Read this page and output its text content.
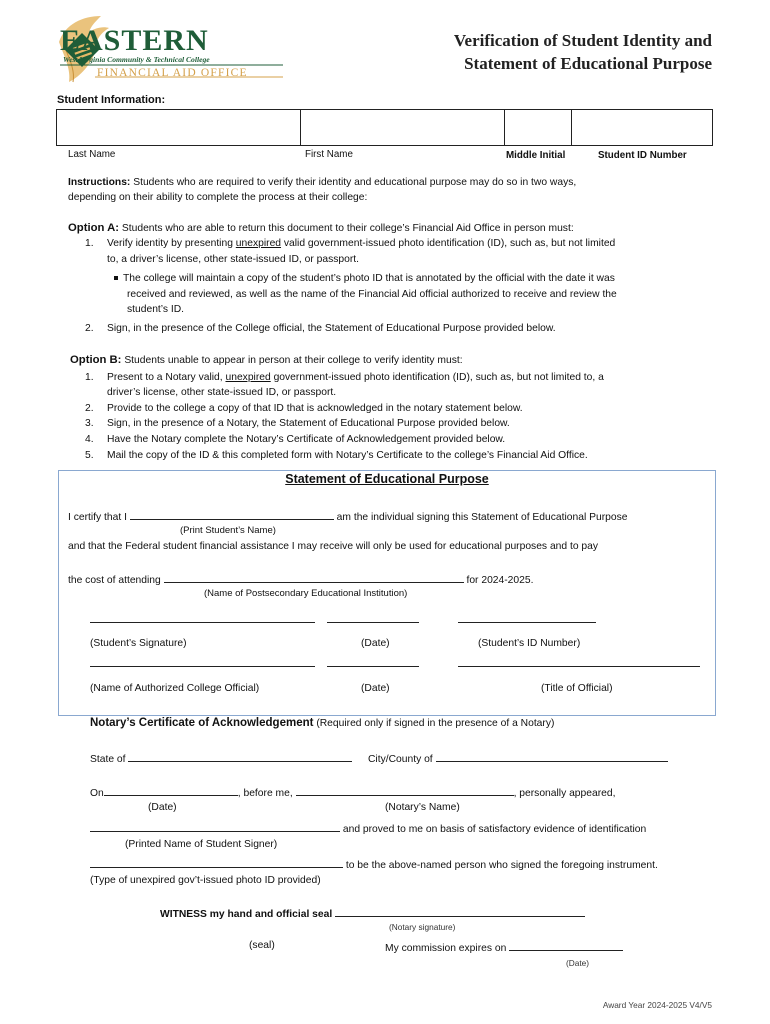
EASTERN
West Virginia Community & Technical College
FINANCIAL AID OFFICE
Verification of Student Identity and
Statement of Educational Purpose
Student Information:
Last Name	First Name	Middle Initial	Student ID Number
Instructions: Students who are required to verify their identity and educational purpose may do so in two ways,
depending on their ability to complete the process at their college:
Option A: Students who are able to return this document to their college’s Financial Aid Office in person must:
1. Verify identity by presenting unexpired valid government-issued photo identification (ID), such as, but not limited
to, a driver’s license, other state-issued ID, or passport.
The college will maintain a copy of the student’s photo ID that is annotated by the official with the date it was
received and reviewed, as well as the name of the Financial Aid official authorized to receive and review the
student’s ID.
2. Sign, in the presence of the College official, the Statement of Educational Purpose provided below.
Option B: Students unable to appear in person at their college to verify identity must:
1. Present to a Notary valid, unexpired government-issued photo identification (ID), such as, but not limited to, a
driver’s license, other state-issued ID, or passport.
2. Provide to the college a copy of that ID that is acknowledged in the notary statement below.
3. Sign, in the presence of a Notary, the Statement of Educational Purpose provided below.
4. Have the Notary complete the Notary’s Certificate of Acknowledgement provided below.
5. Mail the copy of the ID & this completed form with Notary’s Certificate to the college’s Financial Aid Office.
Statement of Educational Purpose
I certify that I	am the individual signing this Statement of Educational Purpose
(Print Student’s Name)
and that the Federal student financial assistance I may receive will only be used for educational purposes and to pay
the cost of attending	for 2024-2025.
(Name of Postsecondary Educational Institution)
(Student’s Signature)	(Date)	(Student’s ID Number)
(Name of Authorized College Official)	(Date)	(Title of Official)
Notary’s Certificate of Acknowledgement (Required only if signed in the presence of a Notary)
State of	City/County of
On	, before me,	, personally appeared,
(Date)	(Notary’s Name)
and proved to me on basis of satisfactory evidence of identification
(Printed Name of Student Signer)
to be the above-named person who signed the foregoing instrument.
(Type of unexpired gov’t-issued photo ID provided)
WITNESS my hand and official seal
(Notary signature)
(seal)	My commission expires on
(Date)
Award Year 2024-2025 V4/V5
